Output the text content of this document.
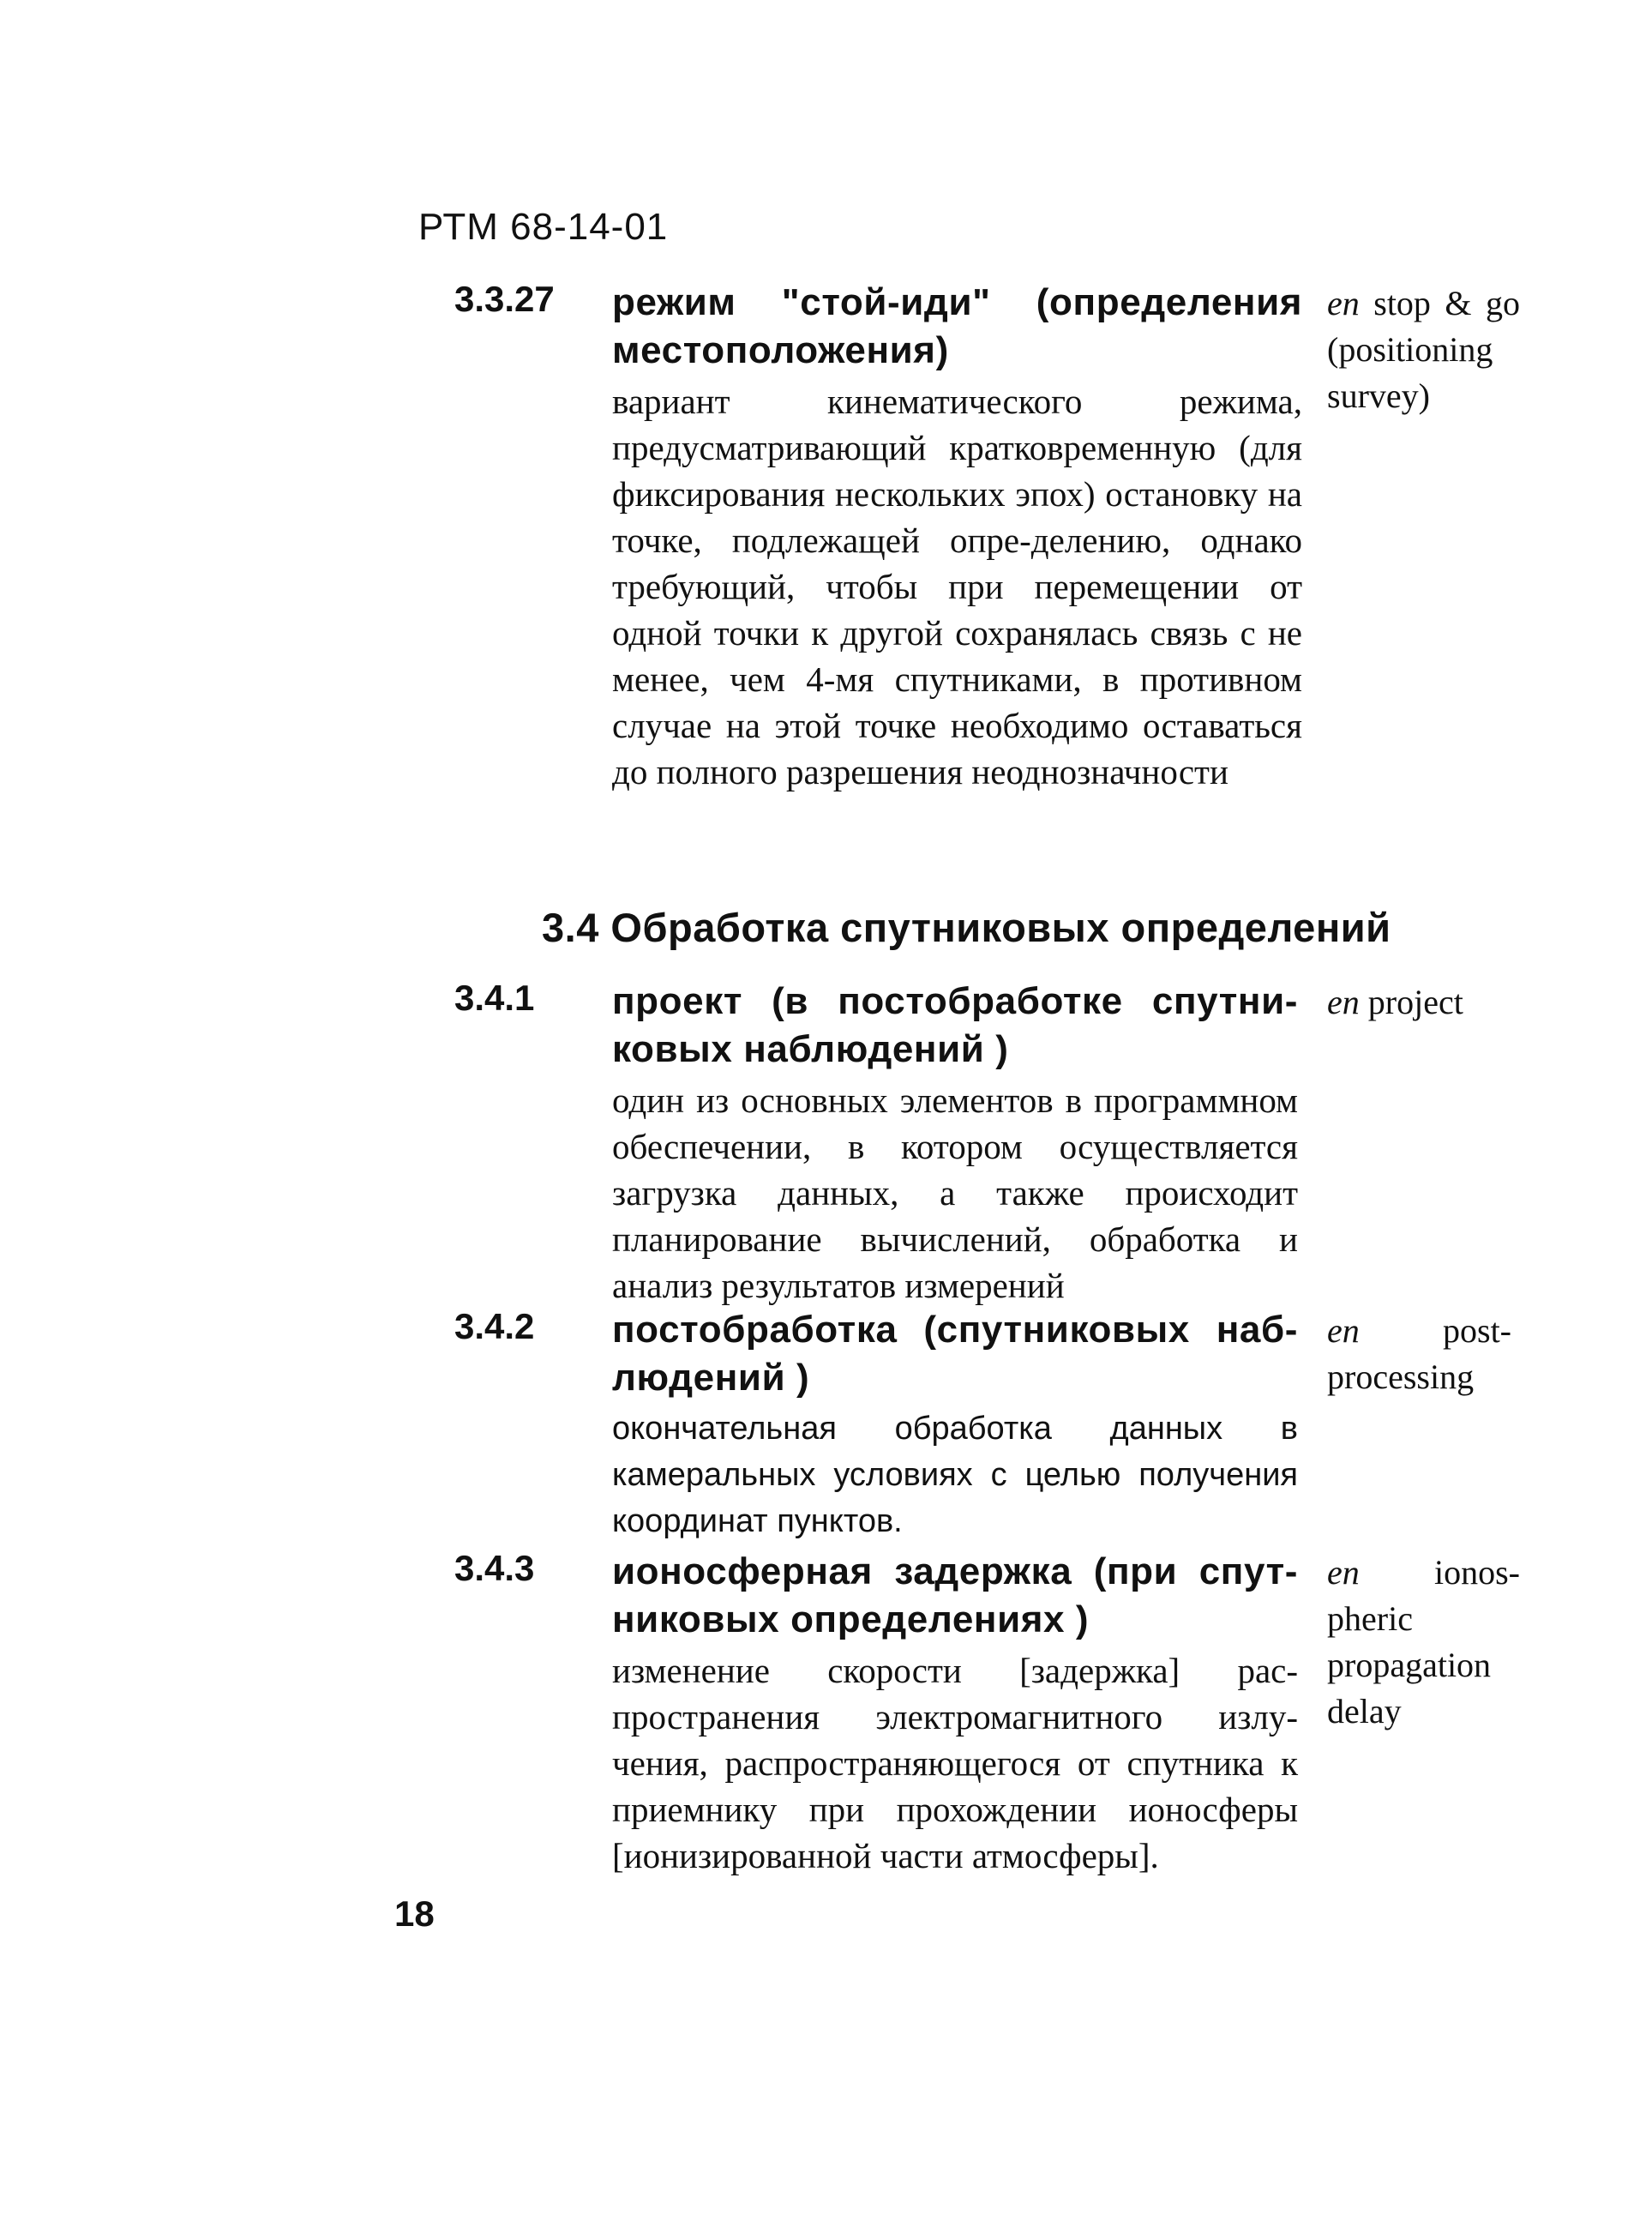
РТМ 68-14-01
3.3.27 режим "стой-иди" (определения местоположения)
вариант кинематического режима, предусматривающий кратковременную (для фиксирования нескольких эпох) остановку на точке, подлежащей опре-делению, однако требующий, чтобы при перемещении от одной точки к другой сохранялась связь с не менее, чем 4-мя спутниками, в противном случае на этой точке необходимо оставаться до полного разрешения неоднозначности
en stop & go (positioning survey)
3.4 Обработка спутниковых определений
3.4.1 проект (в постобработке спутни-ковых наблюдений )
один из основных элементов в программном обеспечении, в котором осуществляется загрузка данных, а также происходит планирование вычислений, обработка и анализ результатов измерений
en project
3.4.2 постобработка (спутниковых наб-людений )
окончательная обработка данных в камеральных условиях с целью получения координат пунктов.
en post-processing
3.4.3 ионосферная задержка (при спут-никовых определениях )
изменение скорости [задержка] рас-пространения электромагнитного излу-чения, распространяющегося от спутника к приемнику при прохождении ионосферы [ионизированной части атмосферы].
en ionos-pheric propagation delay
18
